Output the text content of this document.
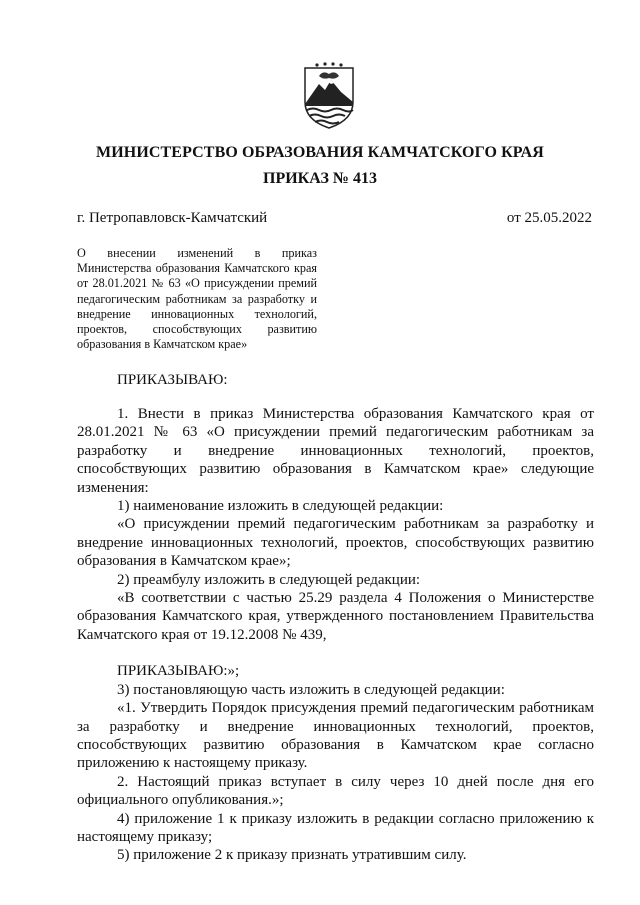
МИНИСТЕРСТВО ОБРАЗОВАНИЯ КАМЧАТСКОГО КРАЯ
ПРИКАЗ № 413
г. Петропавловск-Камчатский	от 25.05.2022
О внесении изменений в приказ Министерства образования Камчатского края от 28.01.2021 № 63 «О присуждении премий педагогическим работникам за разработку и внедрение инновационных технологий, проектов, способствующих развитию образования в Камчатском крае»
ПРИКАЗЫВАЮ:

1. Внести в приказ Министерства образования Камчатского края от 28.01.2021 № 63 «О присуждении премий педагогическим работникам за разработку и внедрение инновационных технологий, проектов, способствующих развитию образования в Камчатском крае» следующие изменения:

1) наименование изложить в следующей редакции:

«О присуждении премий педагогическим работникам за разработку и внедрение инновационных технологий, проектов, способствующих развитию образования в Камчатском крае»;

2) преамбулу изложить в следующей редакции:

«В соответствии с частью 25.29 раздела 4 Положения о Министерстве образования Камчатского края, утвержденного постановлением Правительства Камчатского края от 19.12.2008 № 439,

ПРИКАЗЫВАЮ:»;

3) постановляющую часть изложить в следующей редакции:

«1. Утвердить Порядок присуждения премий педагогическим работникам за разработку и внедрение инновационных технологий, проектов, способствующих развитию образования в Камчатском крае согласно приложению к настоящему приказу.

2. Настоящий приказ вступает в силу через 10 дней после дня его официального опубликования.»;

4) приложение 1 к приказу изложить в редакции согласно приложению к настоящему приказу;

5) приложение 2 к приказу признать утратившим силу.
